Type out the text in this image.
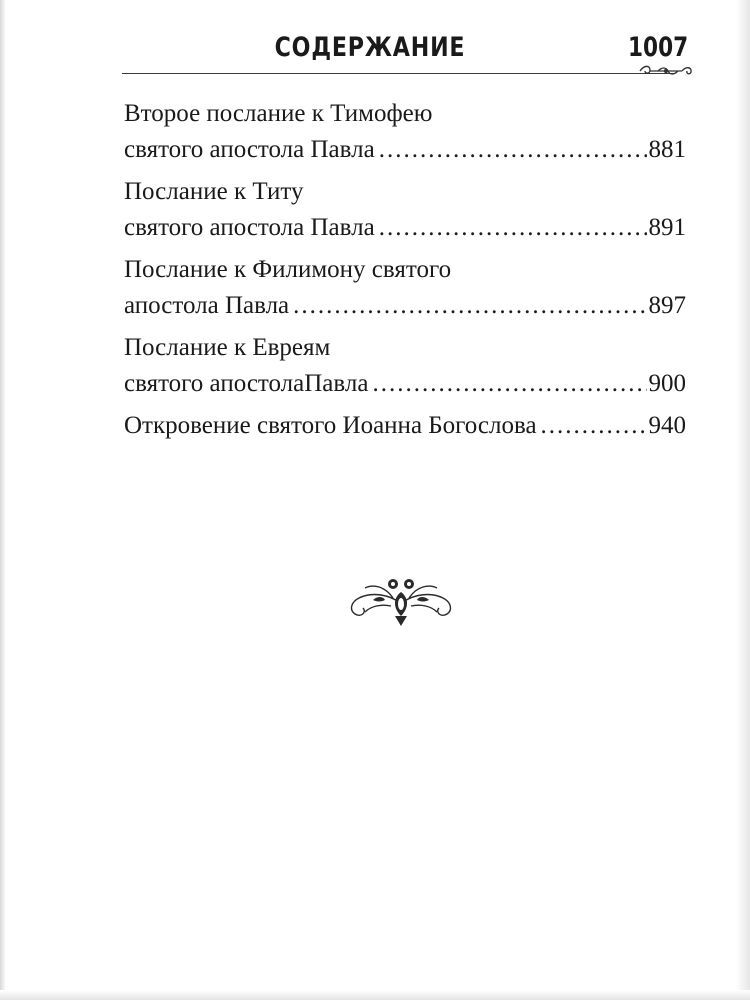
СОДЕРЖАНИЕ	1007
Второе послание к Тимофею
святого апостола Павла .....	881
Послание к Титу
святого апостола Павла .....	891
Послание к Филимону святого
апостола Павла .....	897
Послание к Евреям
святого апостолаПавла .....	900
Откровение святого Иоанна Богослова .....	940
